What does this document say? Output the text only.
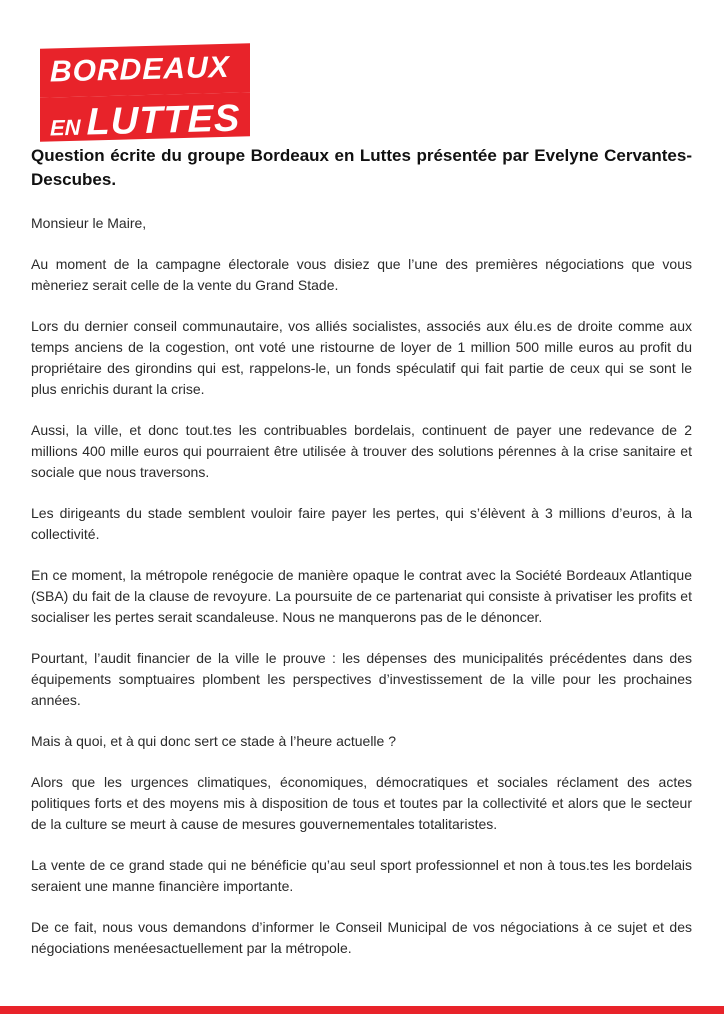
BORDEAUX
EN LUTTES
Question écrite du groupe Bordeaux en Luttes présentée par Evelyne Cervantes-Descubes.

Monsieur le Maire,

Au moment de la campagne électorale vous disiez que l’une des premières négociations que vous mèneriez serait celle de la vente du Grand Stade.

Lors du dernier conseil communautaire, vos alliés socialistes, associés aux élu.es de droite comme aux temps anciens de la cogestion, ont voté une ristourne de loyer de 1 million 500 mille euros au profit du propriétaire des girondins qui est, rappelons-le, un fonds spéculatif qui fait partie de ceux qui se sont le plus enrichis durant la crise.

Aussi, la ville, et donc tout.tes les contribuables bordelais, continuent de payer une redevance de 2 millions 400 mille euros qui pourraient être utilisée à trouver des solutions pérennes à la crise sanitaire et sociale que nous traversons.

Les dirigeants du stade semblent vouloir faire payer les pertes, qui s’élèvent à 3 millions d’euros, à la collectivité.

En ce moment, la métropole renégocie de manière opaque le contrat avec la Société Bordeaux Atlantique (SBA) du fait de la clause de revoyure. La poursuite de ce partenariat qui consiste à privatiser les profits et socialiser les pertes serait scandaleuse. Nous ne manquerons pas de le dénoncer.

Pourtant, l’audit financier de la ville le prouve : les dépenses des municipalités précédentes dans des équipements somptuaires plombent les perspectives d’investissement de la ville pour les prochaines années.

Mais à quoi, et à qui donc sert ce stade à l’heure actuelle ?

Alors que les urgences climatiques, économiques, démocratiques et sociales réclament des actes politiques forts et des moyens mis à disposition de tous et toutes par la collectivité et alors que le secteur de la culture se meurt à cause de mesures gouvernementales totalitaristes.

La vente de ce grand stade qui ne bénéficie qu’au seul sport professionnel et non à tous.tes les bordelais seraient une manne financière importante.

De ce fait, nous vous demandons d’informer le Conseil Municipal de vos négociations à ce sujet et des négociations menéesactuellement par la métropole.
